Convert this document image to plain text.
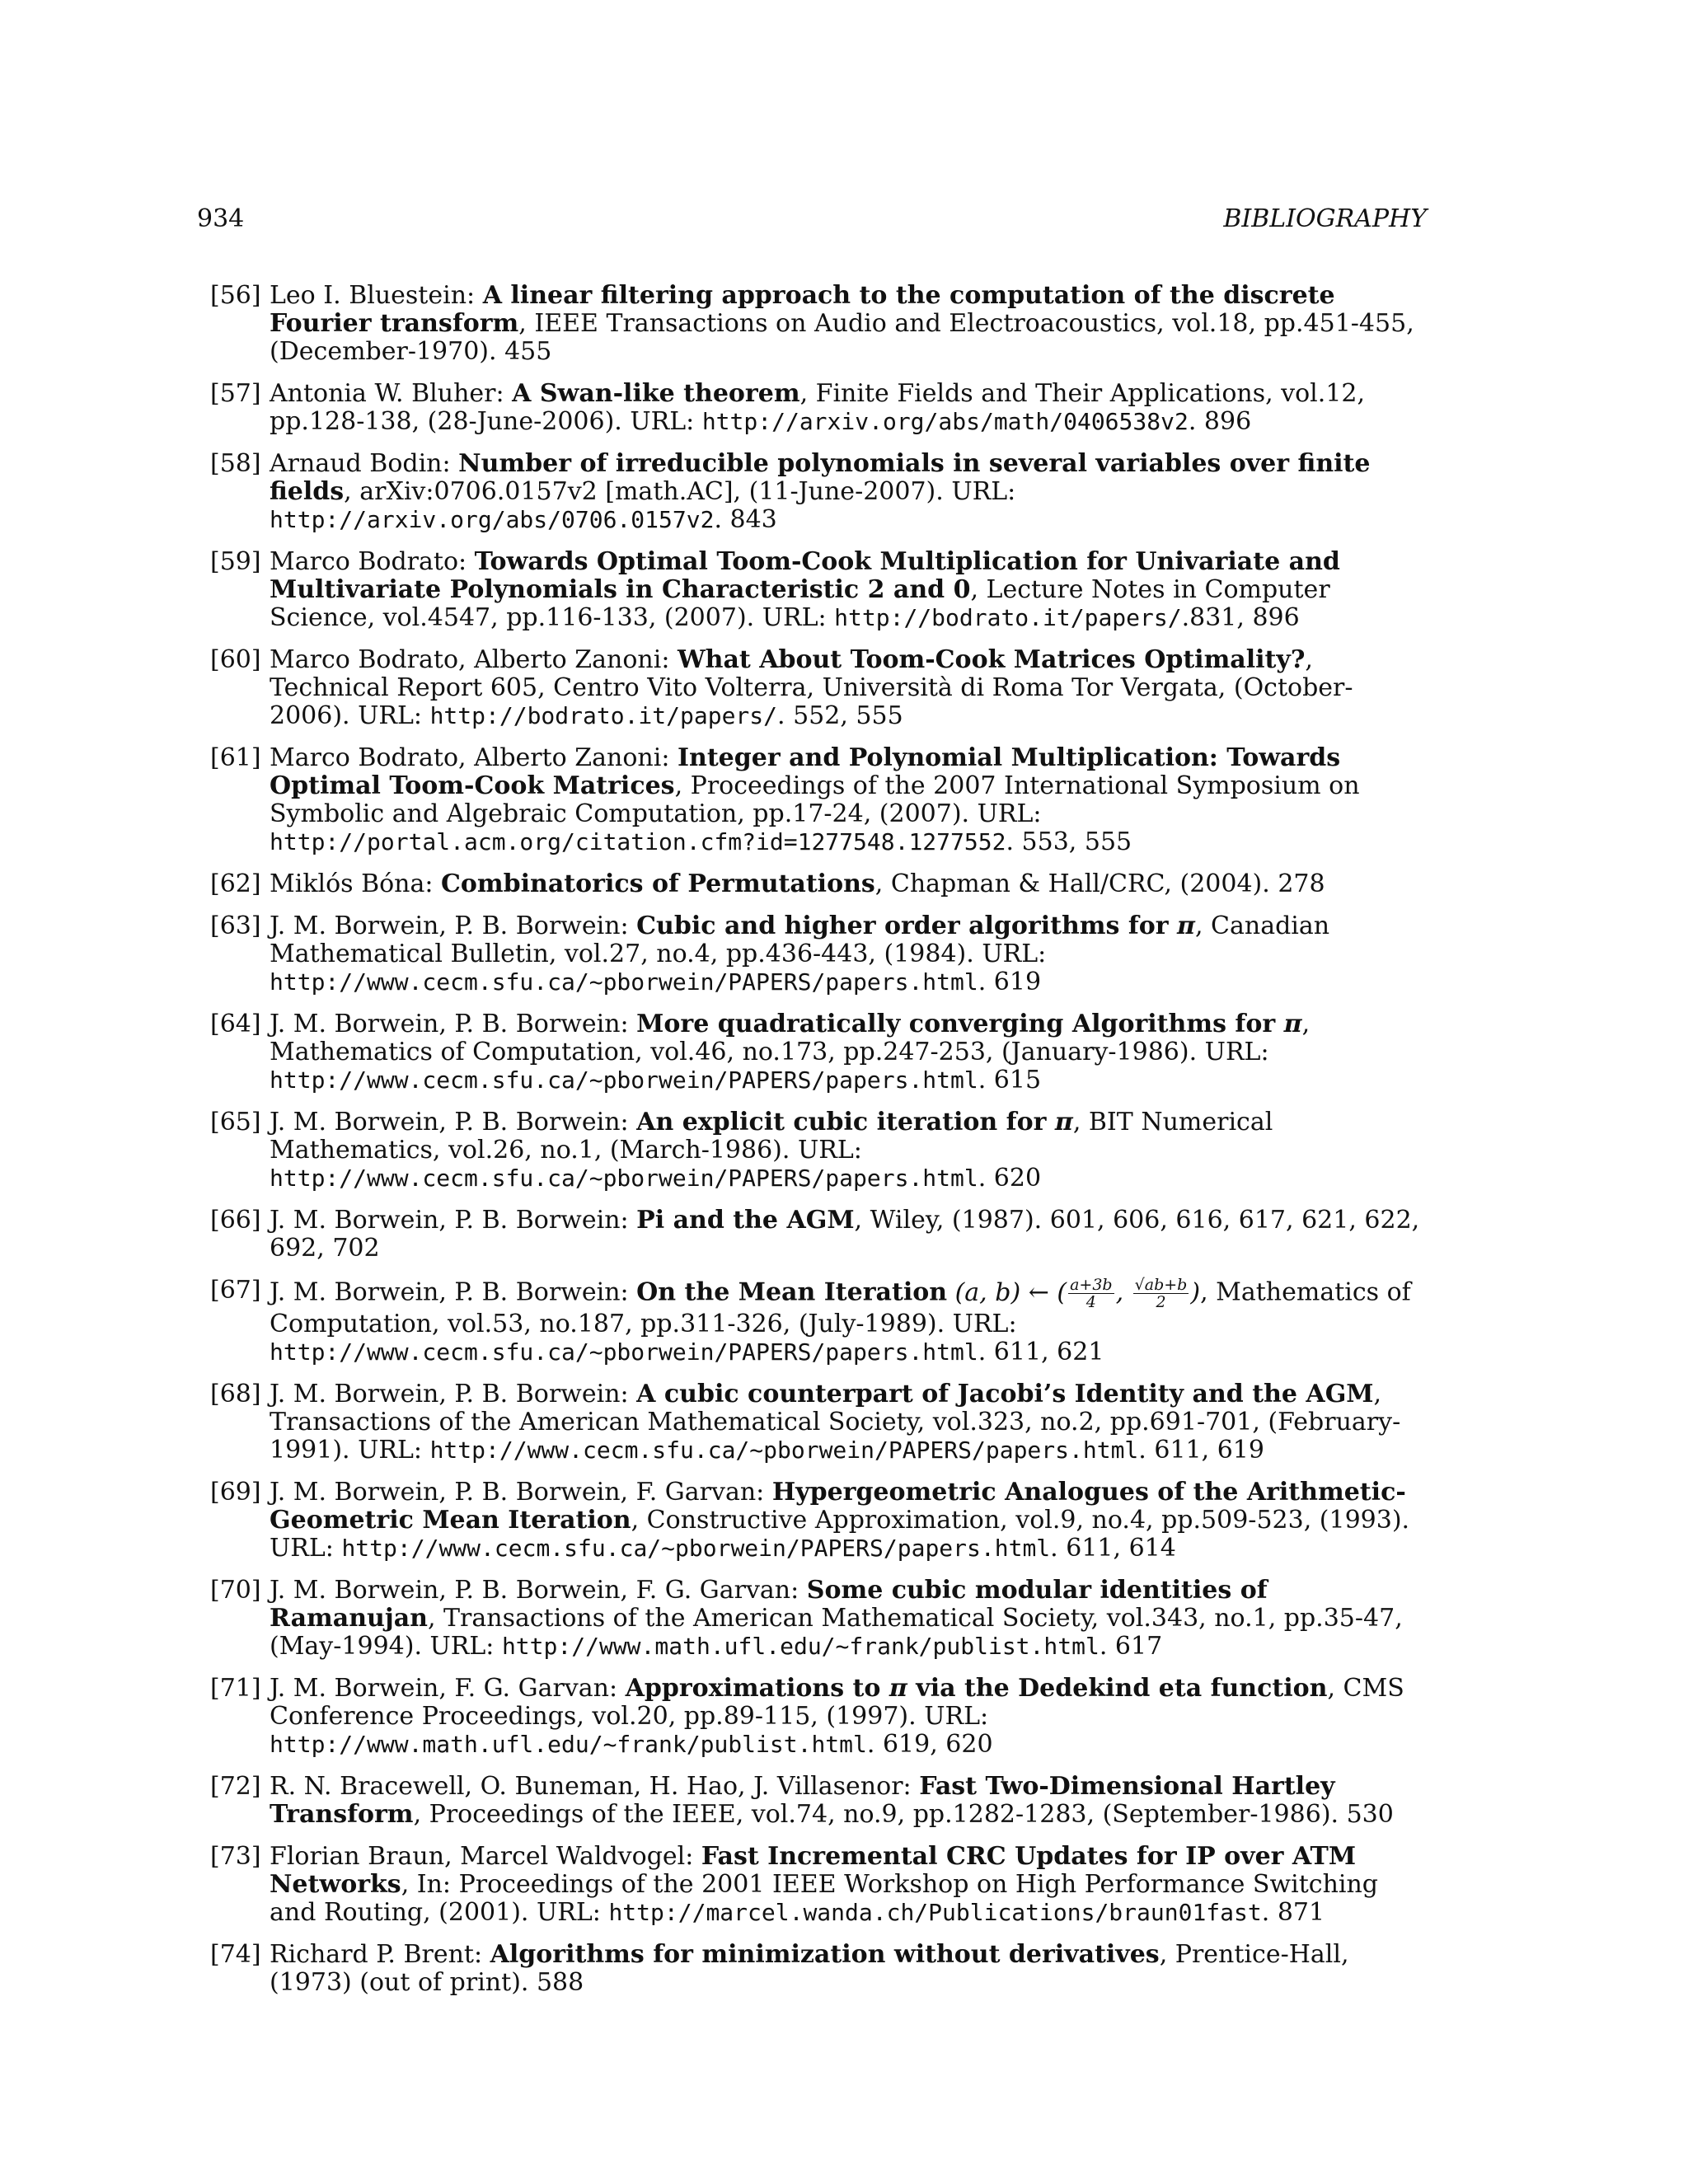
934	BIBLIOGRAPHY
[56] Leo I. Bluestein: A linear filtering approach to the computation of the discrete Fourier transform, IEEE Transactions on Audio and Electroacoustics, vol.18, pp.451-455, (December-1970). 455
[57] Antonia W. Bluher: A Swan-like theorem, Finite Fields and Their Applications, vol.12, pp.128-138, (28-June-2006). URL: http://arxiv.org/abs/math/0406538v2. 896
[58] Arnaud Bodin: Number of irreducible polynomials in several variables over finite fields, arXiv:0706.0157v2 [math.AC], (11-June-2007). URL: http://arxiv.org/abs/0706.0157v2. 843
[59] Marco Bodrato: Towards Optimal Toom-Cook Multiplication for Univariate and Multivariate Polynomials in Characteristic 2 and 0, Lecture Notes in Computer Science, vol.4547, pp.116-133, (2007). URL: http://bodrato.it/papers/.831, 896
[60] Marco Bodrato, Alberto Zanoni: What About Toom-Cook Matrices Optimality?, Technical Report 605, Centro Vito Volterra, Università di Roma Tor Vergata, (October-2006). URL: http://bodrato.it/papers/. 552, 555
[61] Marco Bodrato, Alberto Zanoni: Integer and Polynomial Multiplication: Towards Optimal Toom-Cook Matrices, Proceedings of the 2007 International Symposium on Symbolic and Algebraic Computation, pp.17-24, (2007). URL: http://portal.acm.org/citation.cfm?id=1277548.1277552. 553, 555
[62] Miklós Bóna: Combinatorics of Permutations, Chapman & Hall/CRC, (2004). 278
[63] J. M. Borwein, P. B. Borwein: Cubic and higher order algorithms for π, Canadian Mathematical Bulletin, vol.27, no.4, pp.436-443, (1984). URL: http://www.cecm.sfu.ca/~pborwein/PAPERS/papers.html. 619
[64] J. M. Borwein, P. B. Borwein: More quadratically converging Algorithms for π, Mathematics of Computation, vol.46, no.173, pp.247-253, (January-1986). URL: http://www.cecm.sfu.ca/~pborwein/PAPERS/papers.html. 615
[65] J. M. Borwein, P. B. Borwein: An explicit cubic iteration for π, BIT Numerical Mathematics, vol.26, no.1, (March-1986). URL: http://www.cecm.sfu.ca/~pborwein/PAPERS/papers.html. 620
[66] J. M. Borwein, P. B. Borwein: Pi and the AGM, Wiley, (1987). 601, 606, 616, 617, 621, 622, 692, 702
[67] J. M. Borwein, P. B. Borwein: On the Mean Iteration (a, b) ← ( $\frac{a+3b}{4}$ , $\frac{√ab+b}{2}$ ), Mathematics of Computation, vol.53, no.187, pp.311-326, (July-1989). URL: http://www.cecm.sfu.ca/~pborwein/PAPERS/papers.html. 611, 621
[68] J. M. Borwein, P. B. Borwein: A cubic counterpart of Jacobi’s Identity and the AGM, Transactions of the American Mathematical Society, vol.323, no.2, pp.691-701, (February-1991). URL: http://www.cecm.sfu.ca/~pborwein/PAPERS/papers.html. 611, 619
[69] J. M. Borwein, P. B. Borwein, F. Garvan: Hypergeometric Analogues of the Arithmetic-Geometric Mean Iteration, Constructive Approximation, vol.9, no.4, pp.509-523, (1993). URL: http://www.cecm.sfu.ca/~pborwein/PAPERS/papers.html. 611, 614
[70] J. M. Borwein, P. B. Borwein, F. G. Garvan: Some cubic modular identities of Ramanujan, Transactions of the American Mathematical Society, vol.343, no.1, pp.35-47, (May-1994). URL: http://www.math.ufl.edu/~frank/publist.html. 617
[71] J. M. Borwein, F. G. Garvan: Approximations to π via the Dedekind eta function, CMS Conference Proceedings, vol.20, pp.89-115, (1997). URL: http://www.math.ufl.edu/~frank/publist.html. 619, 620
[72] R. N. Bracewell, O. Buneman, H. Hao, J. Villasenor: Fast Two-Dimensional Hartley Transform, Proceedings of the IEEE, vol.74, no.9, pp.1282-1283, (September-1986). 530
[73] Florian Braun, Marcel Waldvogel: Fast Incremental CRC Updates for IP over ATM Networks, In: Proceedings of the 2001 IEEE Workshop on High Performance Switching and Routing, (2001). URL: http://marcel.wanda.ch/Publications/braun01fast. 871
[74] Richard P. Brent: Algorithms for minimization without derivatives, Prentice-Hall, (1973) (out of print). 588
